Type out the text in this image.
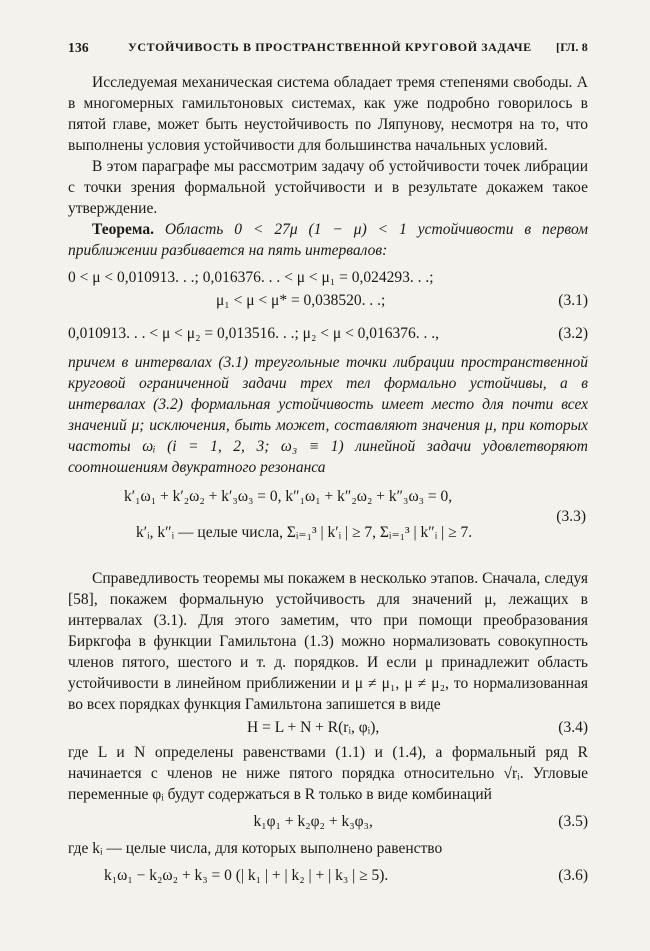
136	УСТОЙЧИВОСТЬ В ПРОСТРАНСТВЕННОЙ КРУГОВОЙ ЗАДАЧЕ [ГЛ. 8

Исследуемая механическая система обладает тремя степенями свободы. А в многомерных гамильтоновых системах, как уже подробно говорилось в пятой главе, может быть неустойчивость по Ляпунову, несмотря на то, что выполнены условия устойчивости для большинства начальных условий.

В этом параграфе мы рассмотрим задачу об устойчивости точек либрации с точки зрения формальной устойчивости и в результате докажем такое утверждение.

Теорема. Область 0 < 27μ (1 − μ) < 1 устойчивости в первом приближении разбивается на пять интервалов:

0 < μ < 0,010913. . .; 0,016376. . . < μ < μ₁ = 0,024293. . .;
μ₁ < μ < μ* = 0,038520. . .;	(3.1)
0,010913. . . < μ < μ₂ = 0,013516. . .; μ₂ < μ < 0,016376. . .,	(3.2)

причем в интервалах (3.1) треугольные точки либрации пространственной круговой ограниченной задачи трех тел формально устойчивы, а в интервалах (3.2) формальная устойчивость имеет место для почти всех значений μ; исключения, быть может, составляют значения μ, при которых частоты ωᵢ (i = 1, 2, 3; ω₃ ≡ 1) линейной задачи удовлетворяют соотношениям двукратного резонанса

k′₁ω₁ + k′₂ω₂ + k′₃ω₃ = 0, k″₁ω₁ + k″₂ω₂ + k″₃ω₃ = 0,
k′ᵢ, k″ᵢ — целые числа, Σᵢ₌₁³ | k′ᵢ | ≥ 7, Σᵢ₌₁³ | k″ᵢ | ≥ 7.
(3.3)

Справедливость теоремы мы покажем в несколько этапов. Сначала, следуя [58], покажем формальную устойчивость для значений μ, лежащих в интервалах (3.1). Для этого заметим, что при помощи преобразования Биркгофа в функции Гамильтона (1.3) можно нормализовать совокупность членов пятого, шестого и т. д. порядков. И если μ принадлежит область устойчивости в линейном приближении и μ ≠ μ₁, μ ≠ μ₂, то нормализованная во всех порядках функция Гамильтона запишется в виде

H = L + N + R(rᵢ, φᵢ),	(3.4)

где L и N определены равенствами (1.1) и (1.4), а формальный ряд R начинается с членов не ниже пятого порядка относительно √rᵢ. Угловые переменные φᵢ будут содержаться в R только в виде комбинаций

k₁φ₁ + k₂φ₂ + k₃φ₃,	(3.5)

где kᵢ — целые числа, для которых выполнено равенство

k₁ω₁ − k₂ω₂ + k₃ = 0 (| k₁ | + | k₂ | + | k₃ | ≥ 5).	(3.6)
